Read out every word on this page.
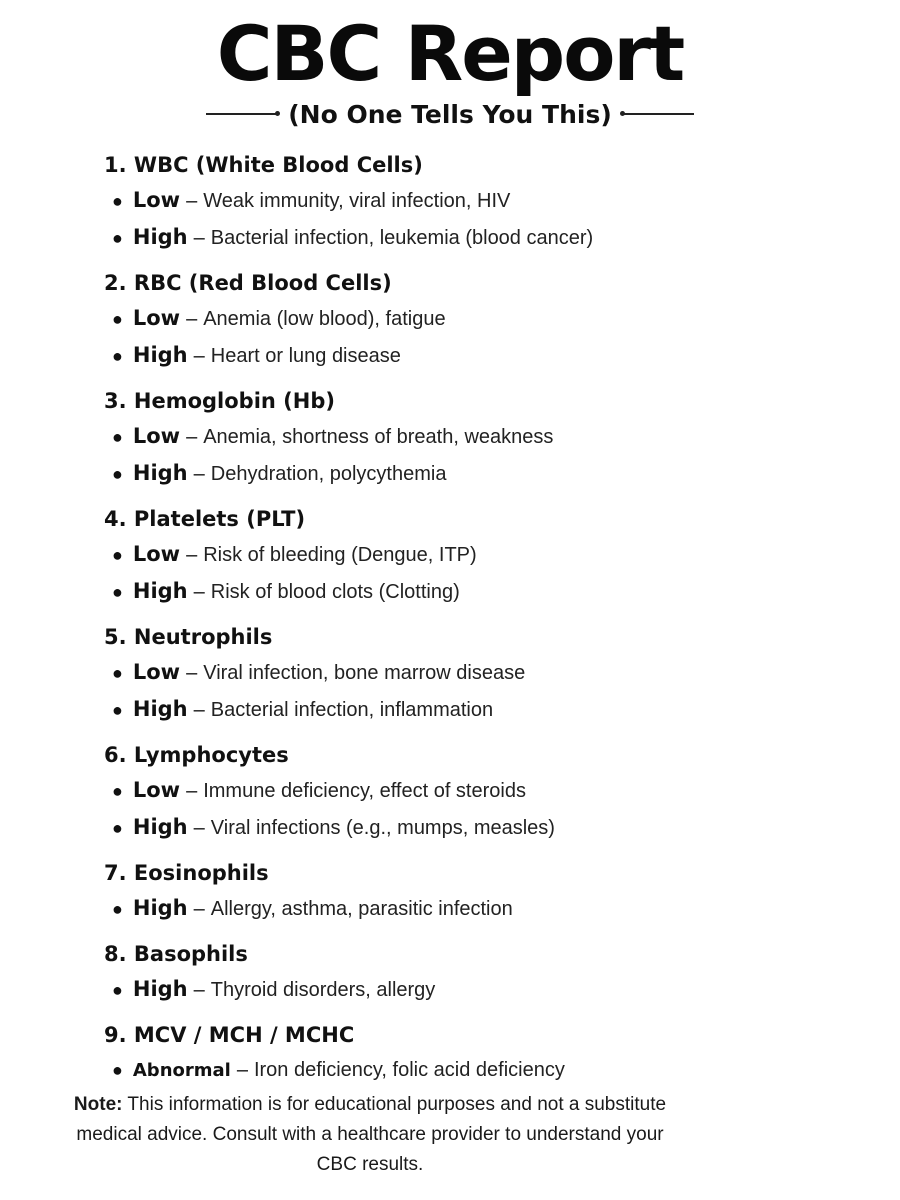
CBC Report
(No One Tells You This)
1. WBC (White Blood Cells)
● Low – Weak immunity, viral infection, HIV
● High – Bacterial infection, leukemia (blood cancer)
2. RBC (Red Blood Cells)
● Low – Anemia (low blood), fatigue
● High – Heart or lung disease
3. Hemoglobin (Hb)
● Low – Anemia, shortness of breath, weakness
● High – Dehydration, polycythemia
4. Platelets (PLT)
● Low – Risk of bleeding (Dengue, ITP)
● High – Risk of blood clots (Clotting)
5. Neutrophils
● Low – Viral infection, bone marrow disease
● High – Bacterial infection, inflammation
6. Lymphocytes
● Low – Immune deficiency, effect of steroids
● High – Viral infections (e.g., mumps, measles)
7. Eosinophils
● High – Allergy, asthma, parasitic infection
8. Basophils
● High – Thyroid disorders, allergy
9. MCV / MCH / MCHC
● Abnormal – Iron deficiency, folic acid deficiency
Note: This information is for educational purposes and not a substitute medical advice. Consult with a healthcare provider to understand your CBC results.
